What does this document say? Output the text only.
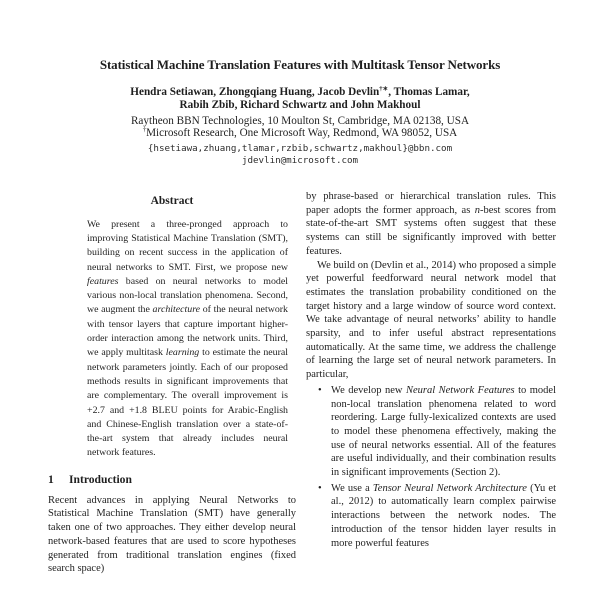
Statistical Machine Translation Features with Multitask Tensor Networks
Hendra Setiawan, Zhongqiang Huang, Jacob Devlin†∗, Thomas Lamar,
Rabih Zbib, Richard Schwartz and John Makhoul
Raytheon BBN Technologies, 10 Moulton St, Cambridge, MA 02138, USA
†Microsoft Research, One Microsoft Way, Redmond, WA 98052, USA
{hsetiawa,zhuang,tlamar,rzbib,schwartz,makhoul}@bbn.com
jdevlin@microsoft.com
Abstract

We present a three-pronged approach to improving Statistical Machine Translation (SMT), building on recent success in the application of neural networks to SMT. First, we propose new features based on neural networks to model various non-local translation phenomena. Second, we augment the architecture of the neural network with tensor layers that capture important higher-order interaction among the network units. Third, we apply multitask learning to estimate the neural network parameters jointly. Each of our proposed methods results in significant improvements that are complementary. The overall improvement is +2.7 and +1.8 BLEU points for Arabic-English and Chinese-English translation over a state-of-the-art system that already includes neural network features.

1 Introduction

Recent advances in applying Neural Networks to Statistical Machine Translation (SMT) have generally taken one of two approaches. They either develop neural network-based features that are used to score hypotheses generated from traditional translation engines (fixed search space)

by phrase-based or hierarchical translation rules. This paper adopts the former approach, as n-best scores from state-of-the-art SMT systems often suggest that these systems can still be significantly improved with better features.

We build on (Devlin et al., 2014) who proposed a simple yet powerful feedforward neural network model that estimates the translation probability conditioned on the target history and a large window of source word context. We take advantage of neural networks’ ability to handle sparsity, and to infer useful abstract representations automatically. At the same time, we address the challenge of learning the large set of neural network parameters. In particular,

• We develop new Neural Network Features to model non-local translation phenomena related to word reordering. Large fully-lexicalized contexts are used to model these phenomena effectively, making the use of neural networks essential. All of the features are useful individually, and their combination results in significant improvements (Section 2).
• We use a Tensor Neural Network Architecture (Yu et al., 2012) to automatically learn complex pairwise interactions between the network nodes. The introduction of the tensor hidden layer results in more powerful features
